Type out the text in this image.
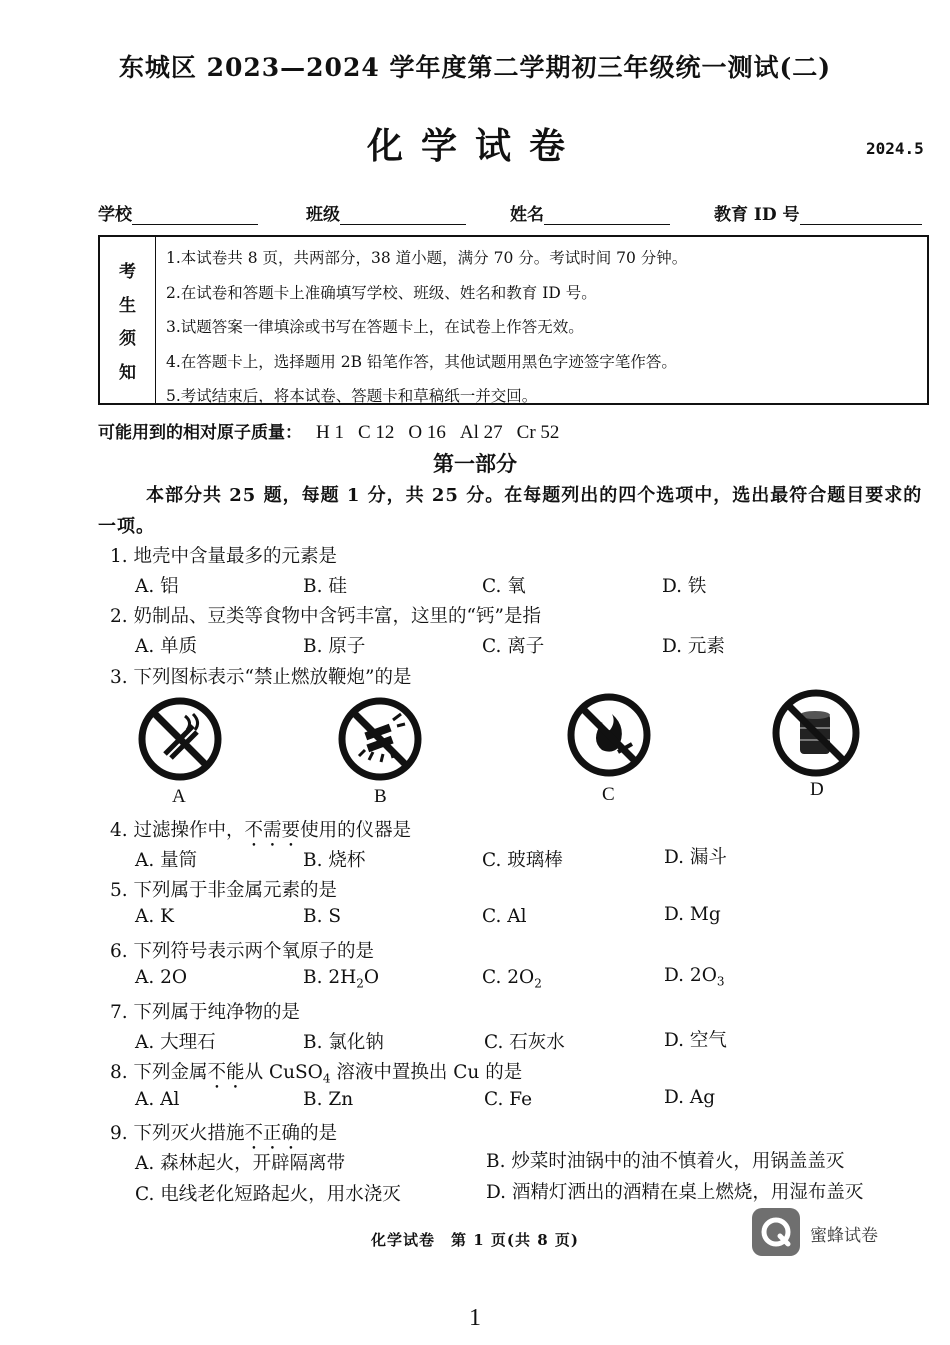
东城区 2023—2024 学年度第二学期初三年级统一测试(二)
化学试卷	2024.5
学校	班级	姓名	教育 ID 号
考
生
须
知
1.本试卷共 8 页，共两部分，38 道小题，满分 70 分。考试时间 70 分钟。
2.在试卷和答题卡上准确填写学校、班级、姓名和教育 ID 号。
3.试题答案一律填涂或书写在答题卡上，在试卷上作答无效。
4.在答题卡上，选择题用 2B 铅笔作答，其他试题用黑色字迹签字笔作答。
5.考试结束后，将本试卷、答题卡和草稿纸一并交回。
可能用到的相对原子质量： H 1 C 12 O 16 Al 27 Cr 52
第一部分
本部分共 25 题，每题 1 分，共 25 分。在每题列出的四个选项中，选出最符合题目要求的一项。
1. 地壳中含量最多的元素是
A. 铝	B. 硅	C. 氧	D. 铁
2. 奶制品、豆类等食物中含钙丰富，这里的“钙”是指
A. 单质	B. 原子	C. 离子	D. 元素
3. 下列图标表示“禁止燃放鞭炮”的是
A	B	C	D
4. 过滤操作中，不需要使用的仪器是
A. 量筒	B. 烧杯	C. 玻璃棒	D. 漏斗
5. 下列属于非金属元素的是
A. K	B. S	C. Al	D. Mg
6. 下列符号表示两个氧原子的是
A. 2O	B. $2H_2O$	C. $2O_2$	D. $2O_3$
7. 下列属于纯净物的是
A. 大理石	B. 氯化钠	C. 石灰水	D. 空气
8. 下列金属不能从 CuSO$_4$ 溶液中置换出 Cu 的是
A. Al	B. Zn	C. Fe	D. Ag
9. 下列灭火措施不正确的是
A. 森林起火，开辟隔离带	B. 炒菜时油锅中的油不慎着火，用锅盖盖灭
C. 电线老化短路起火，用水浇灭	D. 酒精灯洒出的酒精在桌上燃烧，用湿布盖灭
化学试卷　第 1 页(共 8 页)	蜜蜂试卷
1
